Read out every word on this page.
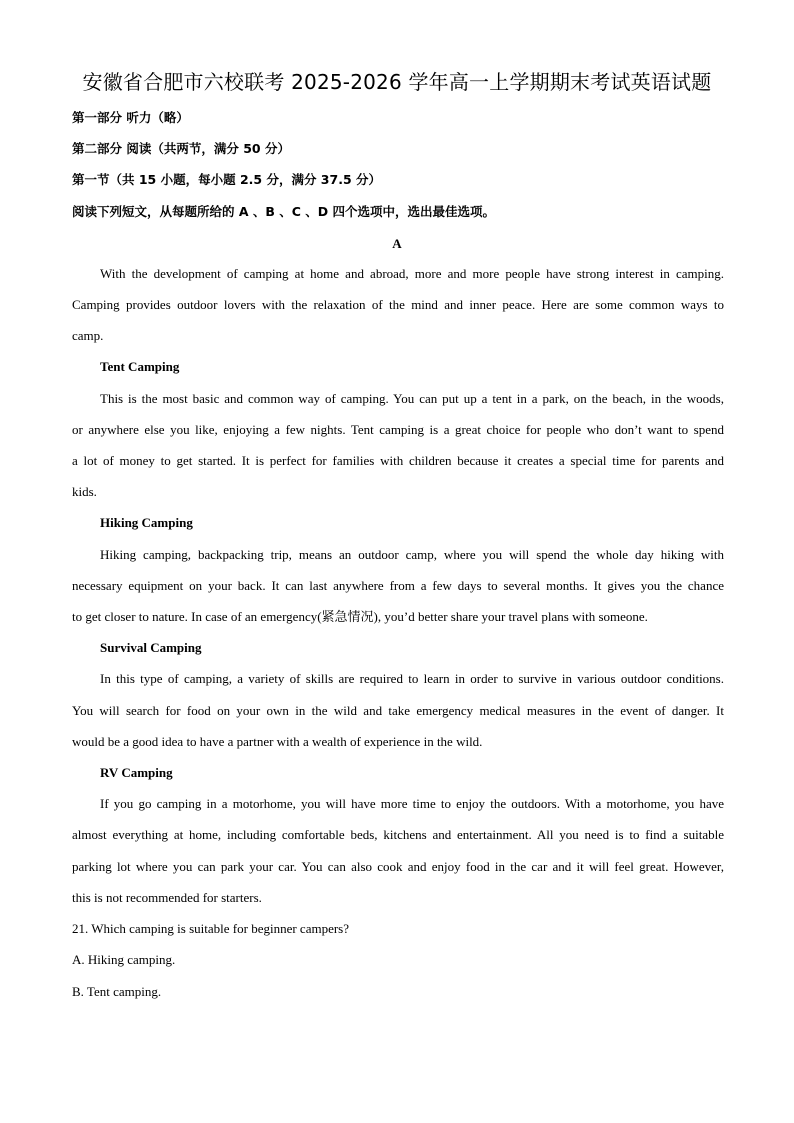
安徽省合肥市六校联考 2025-2026 学年高一上学期期末考试英语试题
第一部分 听力（略）
第二部分 阅读（共两节，满分 50 分）
第一节（共 15 小题，每小题 2.5 分，满分 37.5 分）
阅读下列短文，从每题所给的 A 、B 、C 、D 四个选项中，选出最佳选项。
A
With the development of camping at home and abroad, more and more people have strong interest in camping.
Camping provides outdoor lovers with the relaxation of the mind and inner peace. Here are some common ways to
camp.
Tent Camping
This is the most basic and common way of camping. You can put up a tent in a park, on the beach, in the woods,
or anywhere else you like, enjoying a few nights. Tent camping is a great choice for people who don’t want to spend
a lot of money to get started. It is perfect for families with children because it creates a special time for parents and
kids.
Hiking Camping
Hiking camping, backpacking trip, means an outdoor camp, where you will spend the whole day hiking with
necessary equipment on your back. It can last anywhere from a few days to several months. It gives you the chance
to get closer to nature. In case of an emergency(紧急情况), you’d better share your travel plans with someone.
Survival Camping
In this type of camping, a variety of skills are required to learn in order to survive in various outdoor conditions.
You will search for food on your own in the wild and take emergency medical measures in the event of danger. It
would be a good idea to have a partner with a wealth of experience in the wild.
RV Camping
If you go camping in a motorhome, you will have more time to enjoy the outdoors. With a motorhome, you have
almost everything at home, including comfortable beds, kitchens and entertainment. All you need is to find a suitable
parking lot where you can park your car. You can also cook and enjoy food in the car and it will feel great. However,
this is not recommended for starters.
21. Which camping is suitable for beginner campers?
A. Hiking camping.
B. Tent camping.
